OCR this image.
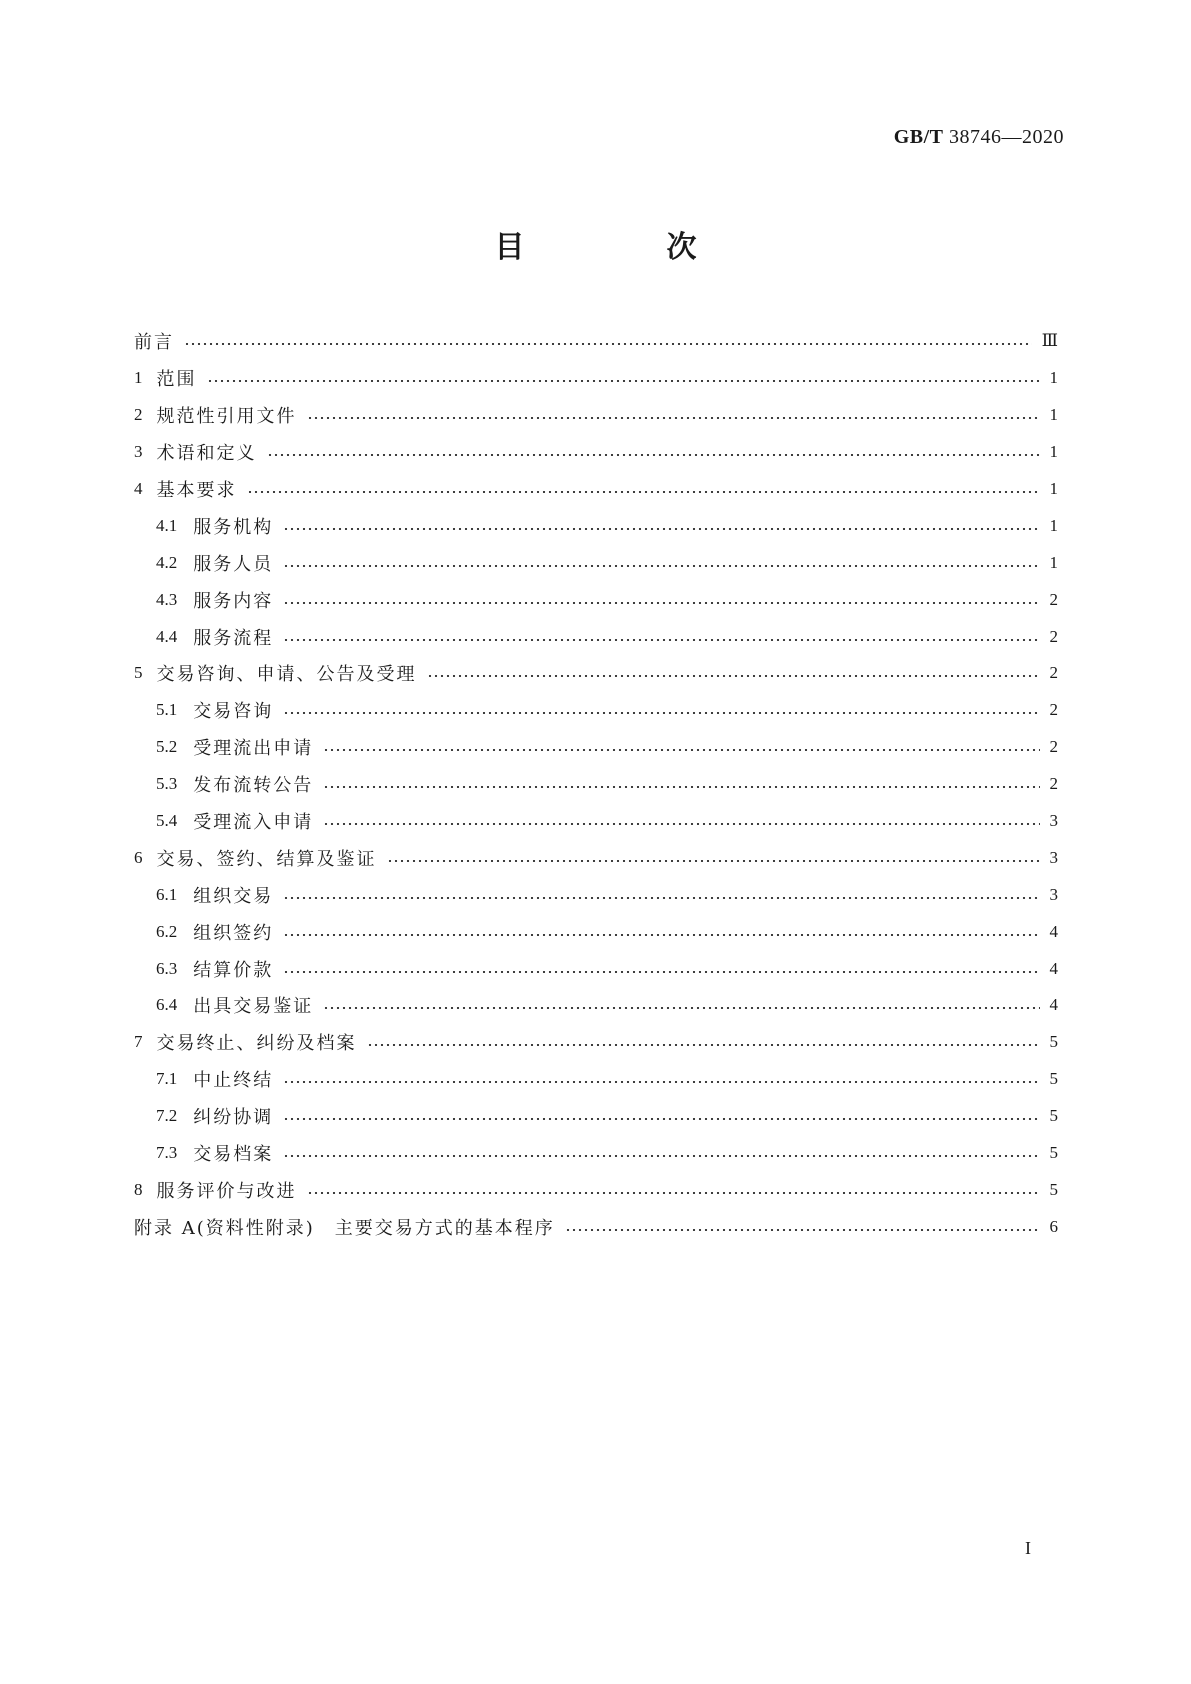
GB/T 38746—2020
目　次
前言	Ⅲ
1 范围	1
2 规范性引用文件	1
3 术语和定义	1
4 基本要求	1
4.1 服务机构	1
4.2 服务人员	1
4.3 服务内容	2
4.4 服务流程	2
5 交易咨询、申请、公告及受理	2
5.1 交易咨询	2
5.2 受理流出申请	2
5.3 发布流转公告	2
5.4 受理流入申请	3
6 交易、签约、结算及鉴证	3
6.1 组织交易	3
6.2 组织签约	4
6.3 结算价款	4
6.4 出具交易鉴证	4
7 交易终止、纠纷及档案	5
7.1 中止终结	5
7.2 纠纷协调	5
7.3 交易档案	5
8 服务评价与改进	5
附录 A(资料性附录)　主要交易方式的基本程序	6
I
